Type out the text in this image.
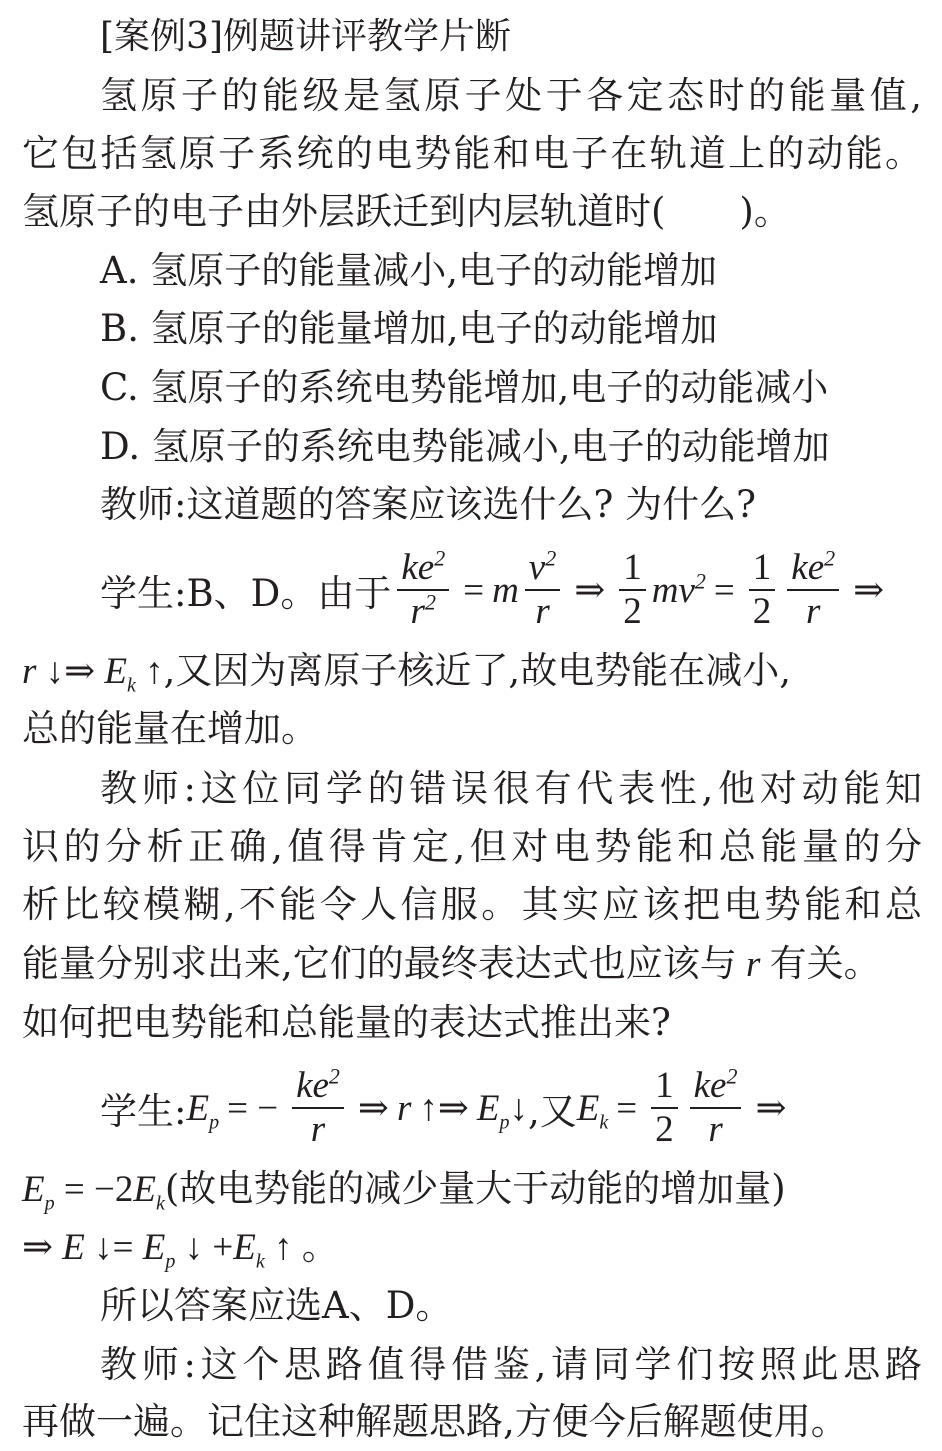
[案例3]例题讲评教学片断
氢原子的能级是氢原子处于各定态时的能量值,
它包括氢原子系统的电势能和电子在轨道上的动能。
氢原子的电子由外层跃迁到内层轨道时(　　)。
A. 氢原子的能量减小,电子的动能增加
B. 氢原子的能量增加,电子的动能增加
C. 氢原子的系统电势能增加,电子的动能减小
D. 氢原子的系统电势能减小,电子的动能增加
教师:这道题的答案应该选什么? 为什么?
学生:B、D。由于 $\frac{ke^2}{r^2} = m \frac{v^2}{r}$ ⇒ $\frac{1}{2} mv^2 = \frac{1}{2} \frac{ke^2}{r}$ ⇒
r ↓⇒ $E_k$ ↑,又因为离原子核近了,故电势能在减小,
总的能量在增加。
教师:这位同学的错误很有代表性,他对动能知
识的分析正确,值得肯定,但对电势能和总能量的分
析比较模糊,不能令人信服。其实应该把电势能和总
能量分别求出来,它们的最终表达式也应该与 r 有关。
如何把电势能和总能量的表达式推出来?
学生: $E_p$ = − $\frac{ke^2}{r}$ ⇒ r ↑⇒ $E_p$ ↓ ,又 $E_k = \frac{1}{2} \frac{ke^2}{r}$ ⇒
$E_p = -2E_k$(故电势能的减少量大于动能的增加量)
⇒ E ↓= $E_p$ ↓ $+E_k$ ↑ 。
所以答案应选A、D。
教师:这个思路值得借鉴,请同学们按照此思路
再做一遍。记住这种解题思路,方便今后解题使用。
